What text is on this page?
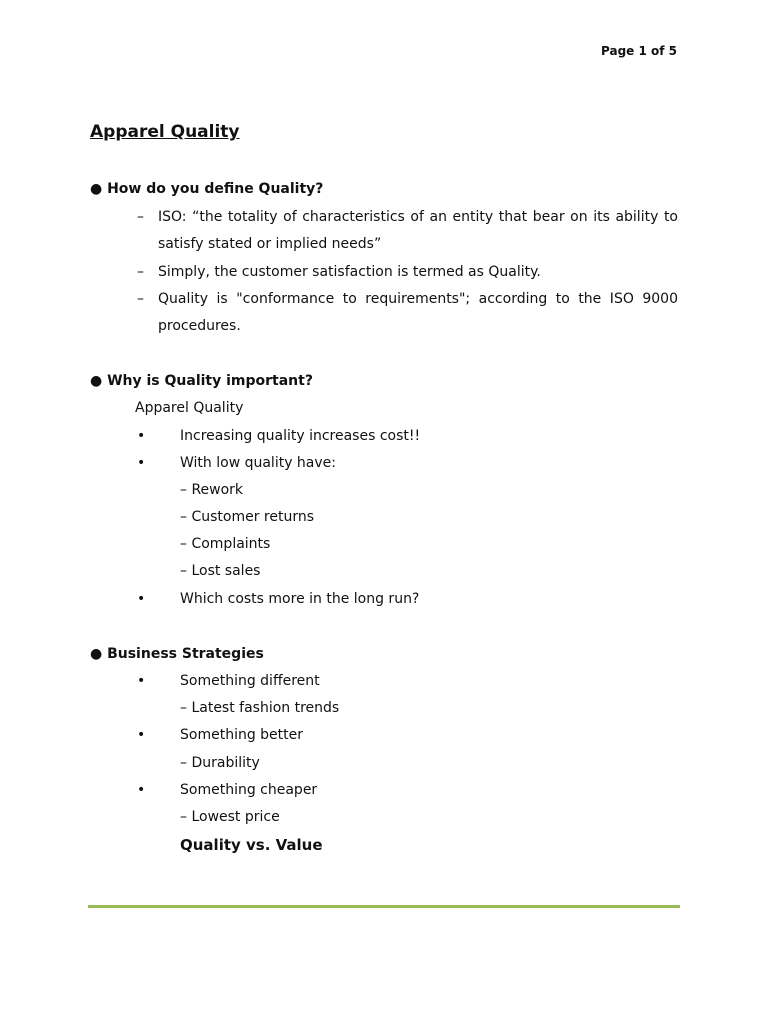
Page 1 of 5
Apparel Quality
● How do you define Quality?
– ISO: “the totality of characteristics of an entity that bear on its ability to satisfy stated or implied needs”
– Simply, the customer satisfaction is termed as Quality.
– Quality is "conformance to requirements"; according to the ISO 9000 procedures.
● Why is Quality important?
Apparel Quality
• Increasing quality increases cost!!
• With low quality have:
– Rework
– Customer returns
– Complaints
– Lost sales
• Which costs more in the long run?
● Business Strategies
• Something different
– Latest fashion trends
• Something better
– Durability
• Something cheaper
– Lowest price
Quality vs. Value
